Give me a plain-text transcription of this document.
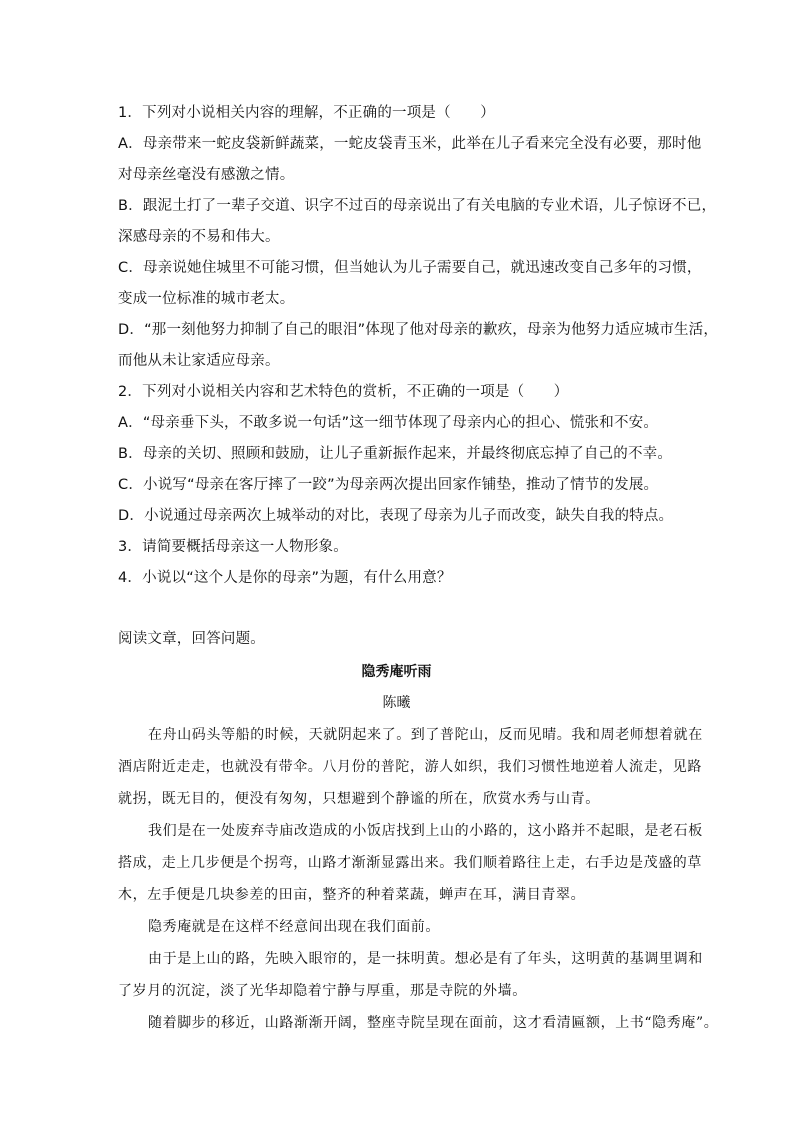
1．下列对小说相关内容的理解，不正确的一项是（　　）
A．母亲带来一蛇皮袋新鲜蔬菜，一蛇皮袋青玉米，此举在儿子看来完全没有必要，那时他
对母亲丝毫没有感激之情。
B．跟泥土打了一辈子交道、识字不过百的母亲说出了有关电脑的专业术语，儿子惊讶不已，
深感母亲的不易和伟大。
C．母亲说她住城里不可能习惯，但当她认为儿子需要自己，就迅速改变自己多年的习惯，
变成一位标准的城市老太。
D．“那一刻他努力抑制了自己的眼泪”体现了他对母亲的歉疚，母亲为他努力适应城市生活，
而他从未让家适应母亲。
2．下列对小说相关内容和艺术特色的赏析，不正确的一项是（　　）
A．“母亲垂下头，不敢多说一句话”这一细节体现了母亲内心的担心、慌张和不安。
B．母亲的关切、照顾和鼓励，让儿子重新振作起来，并最终彻底忘掉了自己的不幸。
C．小说写“母亲在客厅摔了一跤”为母亲两次提出回家作铺垫，推动了情节的发展。
D．小说通过母亲两次上城举动的对比，表现了母亲为儿子而改变，缺失自我的特点。
3．请简要概括母亲这一人物形象。
4．小说以“这个人是你的母亲”为题，有什么用意？
阅读文章，回答问题。
隐秀庵听雨
陈曦
在舟山码头等船的时候，天就阴起来了。到了普陀山，反而见晴。我和周老师想着就在
酒店附近走走，也就没有带伞。八月份的普陀，游人如织，我们习惯性地逆着人流走，见路
就拐，既无目的，便没有匆匆，只想避到个静谧的所在，欣赏水秀与山青。
我们是在一处废弃寺庙改造成的小饭店找到上山的小路的，这小路并不起眼，是老石板
搭成，走上几步便是个拐弯，山路才渐渐显露出来。我们顺着路往上走，右手边是茂盛的草
木，左手便是几块参差的田亩，整齐的种着菜蔬，蝉声在耳，满目青翠。
隐秀庵就是在这样不经意间出现在我们面前。
由于是上山的路，先映入眼帘的，是一抹明黄。想必是有了年头，这明黄的基调里调和
了岁月的沉淀，淡了光华却隐着宁静与厚重，那是寺院的外墙。
随着脚步的移近，山路渐渐开阔，整座寺院呈现在面前，这才看清匾额，上书“隐秀庵”。
